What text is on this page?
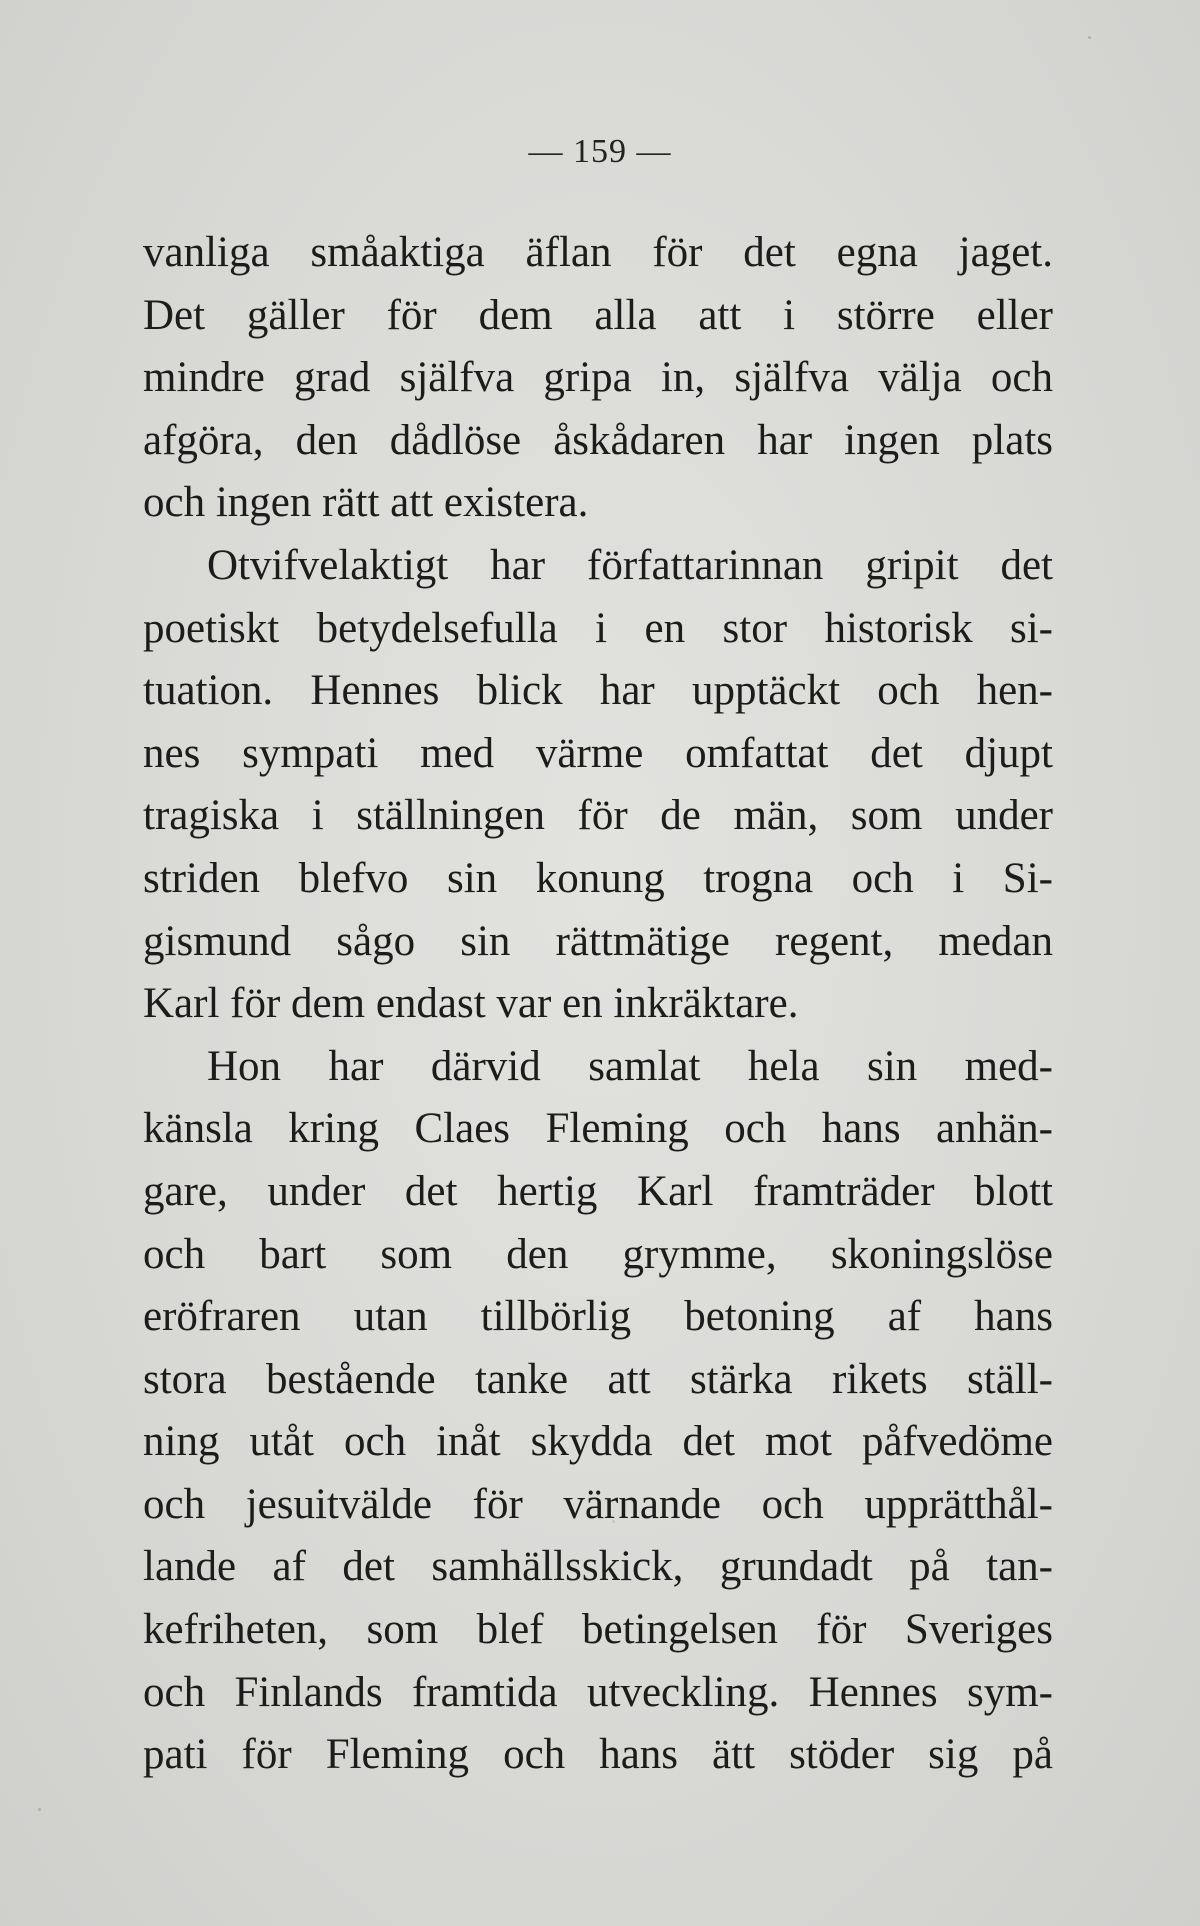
— 159 —
vanliga småaktiga äflan för det egna jaget.
Det gäller för dem alla att i större eller
mindre grad själfva gripa in, själfva välja och
afgöra, den dådlöse åskådaren har ingen plats
och ingen rätt att existera.
Otvifvelaktigt har författarinnan gripit det
poetiskt betydelsefulla i en stor historisk si-
tuation. Hennes blick har upptäckt och hen-
nes sympati med värme omfattat det djupt
tragiska i ställningen för de män, som under
striden blefvo sin konung trogna och i Si-
gismund sågo sin rättmätige regent, medan
Karl för dem endast var en inkräktare.
Hon har därvid samlat hela sin med-
känsla kring Claes Fleming och hans anhän-
gare, under det hertig Karl framträder blott
och bart som den grymme, skoningslöse
eröfraren utan tillbörlig betoning af hans
stora bestående tanke att stärka rikets ställ-
ning utåt och inåt skydda det mot påfvedöme
och jesuitvälde för värnande och upprätthål-
lande af det samhällsskick, grundadt på tan-
kefriheten, som blef betingelsen för Sveriges
och Finlands framtida utveckling. Hennes sym-
pati för Fleming och hans ätt stöder sig på
